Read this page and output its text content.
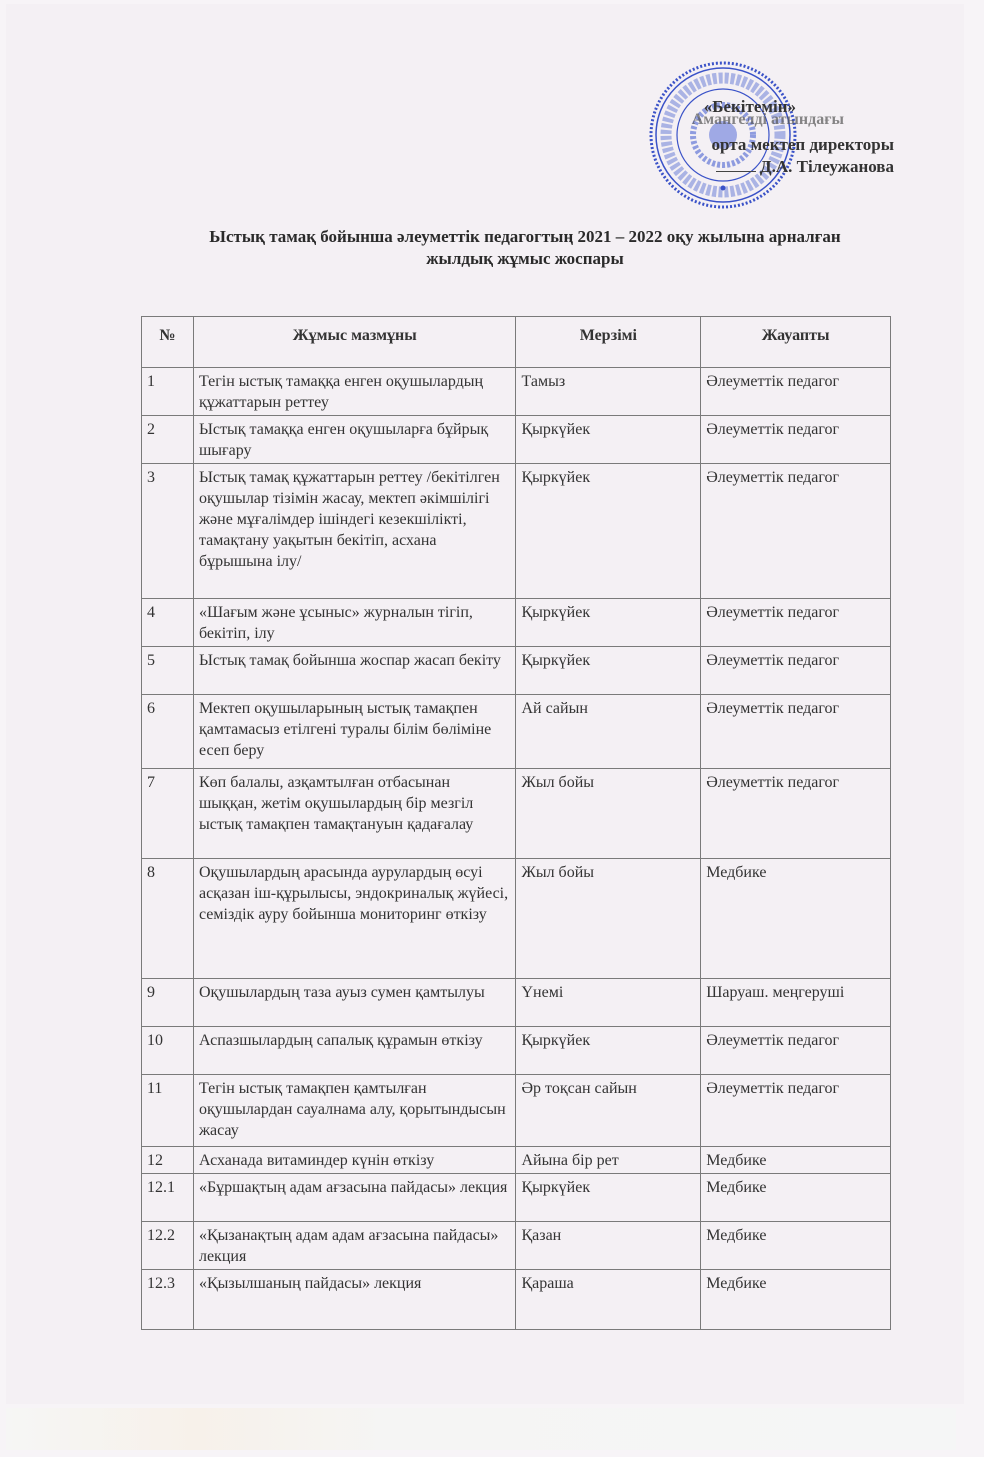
«Бекітемін»
Амангелді атындағы
орта мектеп директоры
Д.А. Тілеужанова
Ыстық тамақ бойынша әлеуметтік педагогтың 2021 – 2022 оқу жылына арналған
жылдық жұмыс жоспары
№	Жұмыс мазмұны	Мерзімі	Жауапты
1	Тегін ыстық тамаққа енген оқушылардың құжаттарын реттеу	Тамыз	Әлеуметтік педагог
2	Ыстық тамаққа енген оқушыларға бұйрық шығару	Қыркүйек	Әлеуметтік педагог
3	Ыстық тамақ құжаттарын реттеу /бекітілген оқушылар тізімін жасау, мектеп әкімшілігі және мұғалімдер ішіндегі кезекшілікті, тамақтану уақытын бекітіп, асхана бұрышына ілу/	Қыркүйек	Әлеуметтік педагог
4	«Шағым және ұсыныс» журналын тігіп, бекітіп, ілу	Қыркүйек	Әлеуметтік педагог
5	Ыстық тамақ бойынша жоспар жасап бекіту	Қыркүйек	Әлеуметтік педагог
6	Мектеп оқушыларының ыстық тамақпен қамтамасыз етілгені туралы білім бөліміне есеп беру	Ай сайын	Әлеуметтік педагог
7	Көп балалы, азқамтылған отбасынан шыққан, жетім оқушылардың бір мезгіл ыстық тамақпен тамақтануын қадағалау	Жыл бойы	Әлеуметтік педагог
8	Оқушылардың арасында аурулардың өсуі асқазан іш-құрылысы, эндокриналық жүйесі, семіздік ауру бойынша мониторинг өткізу	Жыл бойы	Медбике
9	Оқушылардың таза ауыз сумен қамтылуы	Үнемі	Шаруаш. меңгеруші
10	Аспазшылардың сапалық құрамын өткізу	Қыркүйек	Әлеуметтік педагог
11	Тегін ыстық тамақпен қамтылған оқушылардан сауалнама алу, қорытындысын жасау	Әр тоқсан сайын	Әлеуметтік педагог
12	Асханада витаминдер күнін өткізу	Айына бір рет	Медбике
12.1	«Бұршақтың адам ағзасына пайдасы» лекция	Қыркүйек	Медбике
12.2	«Қызанақтың адам адам ағзасына пайдасы» лекция	Қазан	Медбике
12.3	«Қызылшаның пайдасы» лекция	Қараша	Медбике
